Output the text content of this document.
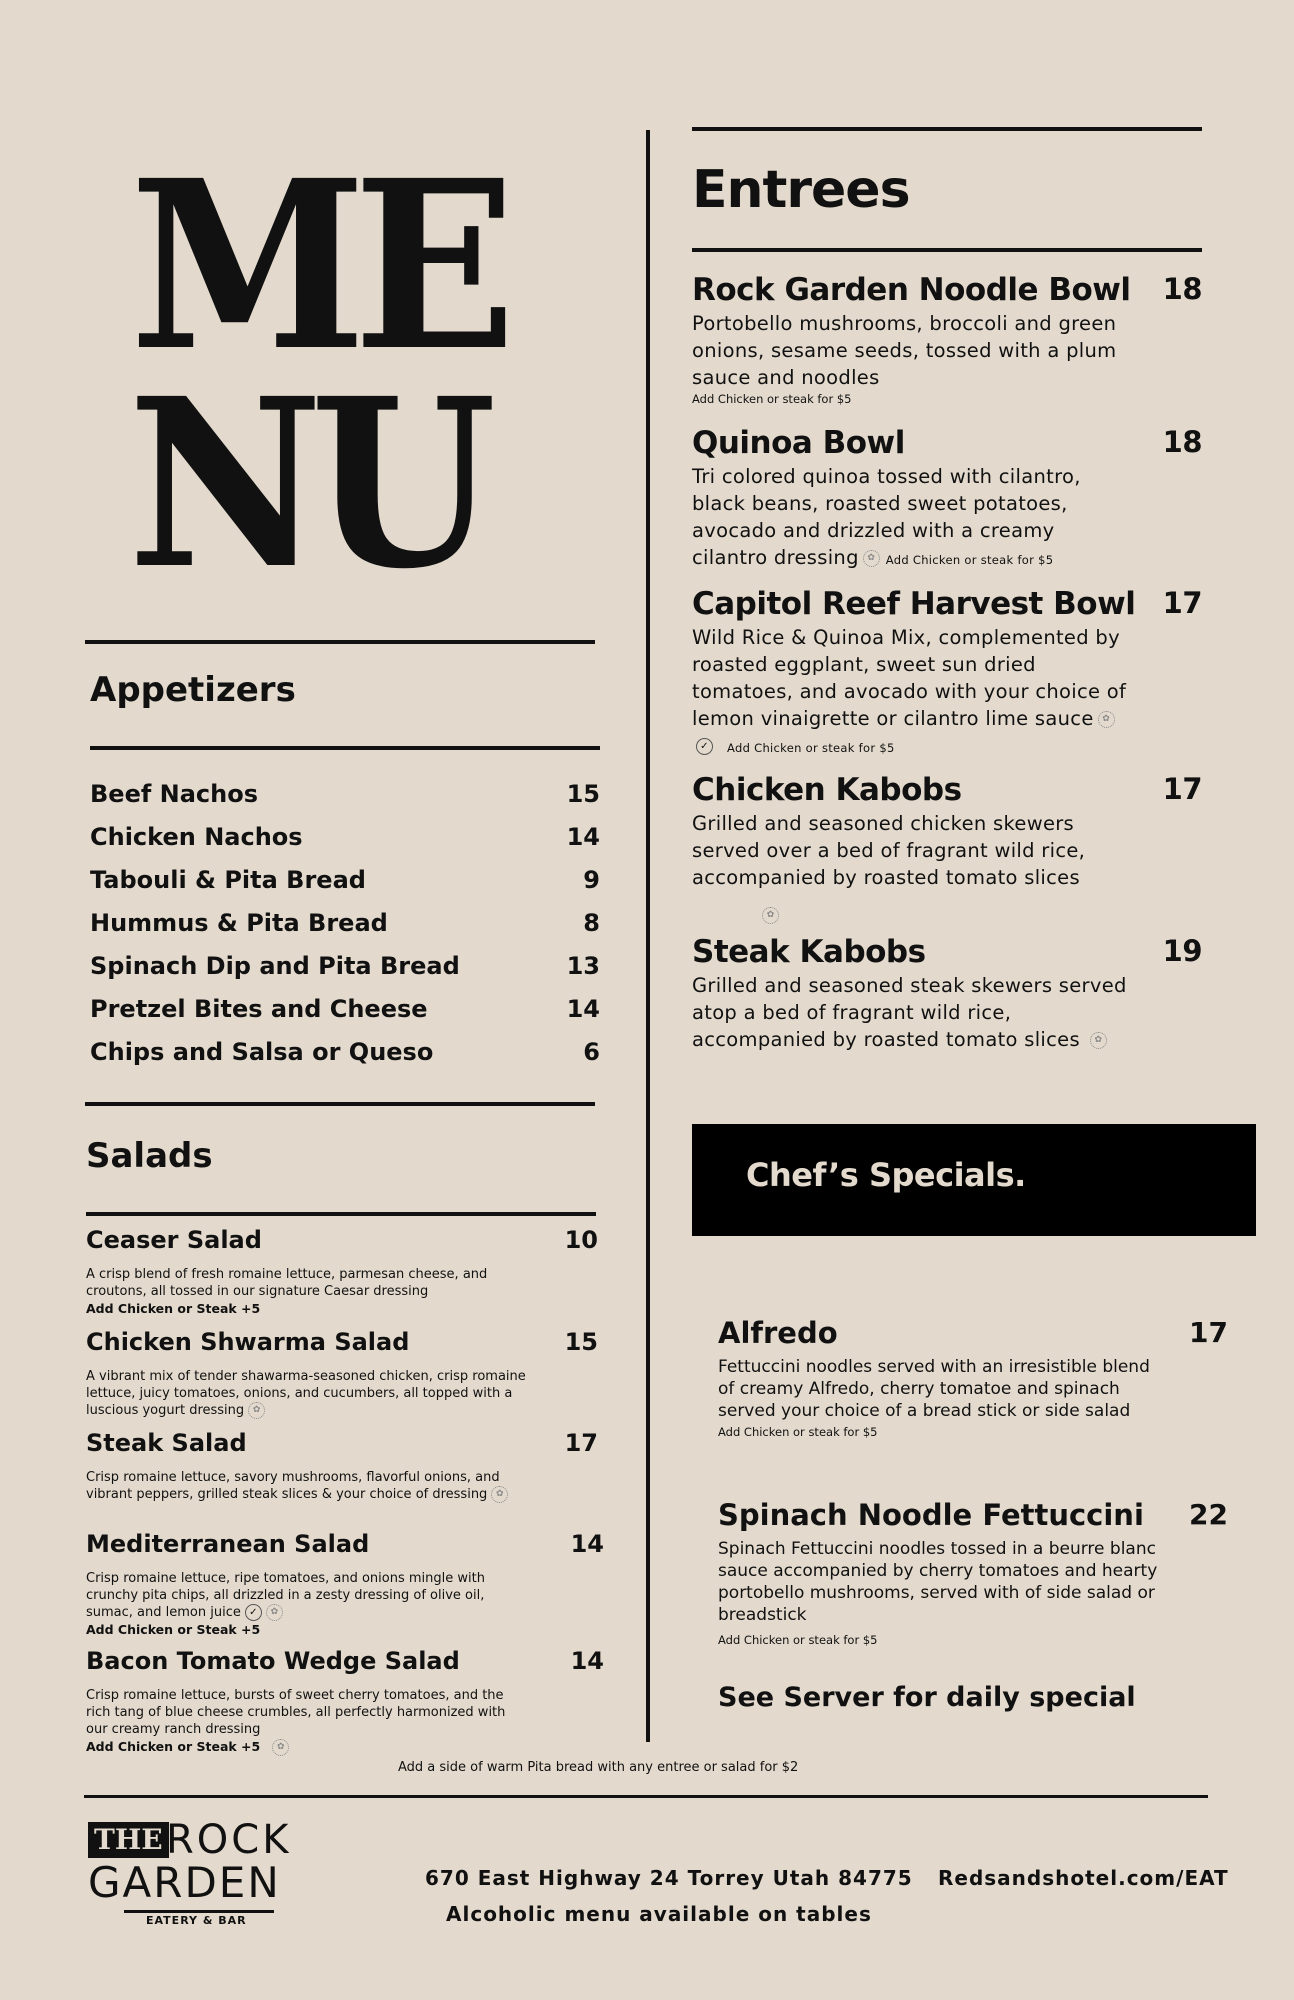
ME
NU
Appetizers
Beef Nachos	15
Chicken Nachos	14
Tabouli & Pita Bread	9
Hummus & Pita Bread	8
Spinach Dip and Pita Bread	13
Pretzel Bites and Cheese	14
Chips and Salsa or Queso	6
Salads
Ceaser Salad	10
A crisp blend of fresh romaine lettuce, parmesan cheese, and croutons, all tossed in our signature Caesar dressing
Add Chicken or Steak +5
Chicken Shwarma Salad	15
A vibrant mix of tender shawarma-seasoned chicken, crisp romaine lettuce, juicy tomatoes, onions, and cucumbers, all topped with a luscious yogurt dressing ✿
Steak Salad	17
Crisp romaine lettuce, savory mushrooms, flavorful onions, and vibrant peppers, grilled steak slices & your choice of dressing ✿
Mediterranean Salad	14
Crisp romaine lettuce, ripe tomatoes, and onions mingle with crunchy pita chips, all drizzled in a zesty dressing of olive oil, sumac, and lemon juice ✓ ✿
Add Chicken or Steak +5
Bacon Tomato Wedge Salad	14
Crisp romaine lettuce, bursts of sweet cherry tomatoes, and the rich tang of blue cheese crumbles, all perfectly harmonized with our creamy ranch dressing
Add Chicken or Steak +5 ✿
Entrees
Rock Garden Noodle Bowl 18
Portobello mushrooms, broccoli and green onions, sesame seeds, tossed with a plum sauce and noodles
Add Chicken or steak for $5
Quinoa Bowl	18
Tri colored quinoa tossed with cilantro, black beans, roasted sweet potatoes, avocado and drizzled with a creamy cilantro dressing ✿ Add Chicken or steak for $5
Capitol Reef Harvest Bowl 17
Wild Rice & Quinoa Mix, complemented by roasted eggplant, sweet sun dried tomatoes, and avocado with your choice of lemon vinaigrette or cilantro lime sauce ✿✓ Add Chicken or steak for $5
Chicken Kabobs	17
Grilled and seasoned chicken skewers served over a bed of fragrant wild rice, accompanied by roasted tomato slices
✿
Steak Kabobs	19
Grilled and seasoned steak skewers served atop a bed of fragrant wild rice, accompanied by roasted tomato slices ✿
Chef’s Specials.
Alfredo	17
Fettuccini noodles served with an irresistible blend of creamy Alfredo, cherry tomatoe and spinach served your choice of a bread stick or side salad
Add Chicken or steak for $5
Spinach Noodle Fettuccini 22
Spinach Fettuccini noodles tossed in a beurre blanc sauce accompanied by cherry tomatoes and hearty portobello mushrooms, served with of side salad or breadstick
Add Chicken or steak for $5
See Server for daily special
Add a side of warm Pita bread with any entree or salad for $2
THE ROCK
GARDEN
EATERY & BAR
670 East Highway 24 Torrey Utah 84775 Redsandshotel.com/EAT
Alcoholic menu available on tables
